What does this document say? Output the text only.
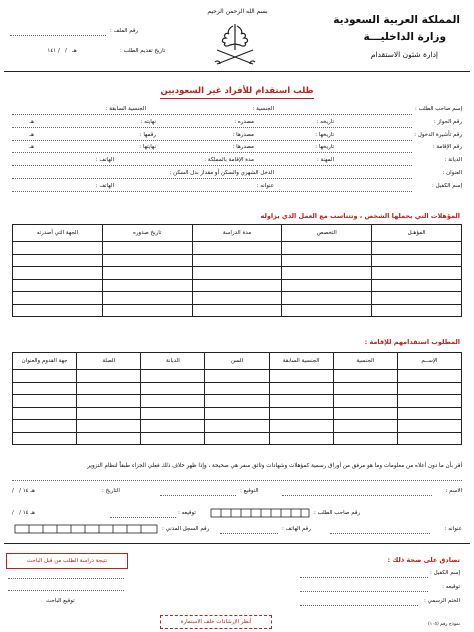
بسم الله الرحمن الرحيم
المملكة العربية السعودية
وزارة الداخليـــة
إدارة شئون الاستقدام
رقم الملف :
تاريخ تقديم الطلب :
هـ   /   / ١٤١
طلب استقدام للأفراد غير السعوديين
إسم صاحب الطلب :
الجنسية :
الجنسية السابقة :
رقم الجواز :
تاريخه :
مصدره :
نهايته :
هـ
رقم تأشيرة الدخول :
تاريخها :
مصدرها :
رقمها :
هـ
رقم الإقامة :
تاريخها :
مصدرها :
نهايتها :
هـ
الديانة :
المهنة :
مدة الإقامة بالمملكة :
الهاتف :
العنوان :
الدخل الشهري والسكن أو مقدار بدل السكن :
إسم الكفيل :
عنوانه :
الهاتف :
المؤهلات التي يحملها الشخص ، وتتناسب مع العمل الذي يزاوله
المؤهـل	التخصص	مدة الدراسة	تاريخ صدوره	الجهة التي أصدرته

المطلوب استقدامهم للإقامة :
الإســم	الجنسية	الجنسية السابقة	السن	الديانة	الصلة	جهة القدوم والعنوان

أقر بأن ما دون أعلاه من معلومات وما هو مرفق من أوراق رسمية كمؤهلات وشهادات وثائق سفر هي صحيحة ، وإذا ظهر خلاف ذلك فعلي الجزاء طبقاً لنظام التزوير
الاسم :
التوقيع :
التاريخ :
هـ ١٤ /   /
رقم صاحب الطلب :
توقيعه :
هـ ١٤ /   /
عنوانه :
رقم الهاتف :
رقم السجل المدني :
تصادق على صحة ذلك :
إسم الكفيل :
توقيعه :
الختم الرسمي :
نتيجة دراسة الطلب من قبل الباحث
توقيع الباحث
أنظر الإرشادات خلف الاستمارة	نموذج رقم (١٠٥)
